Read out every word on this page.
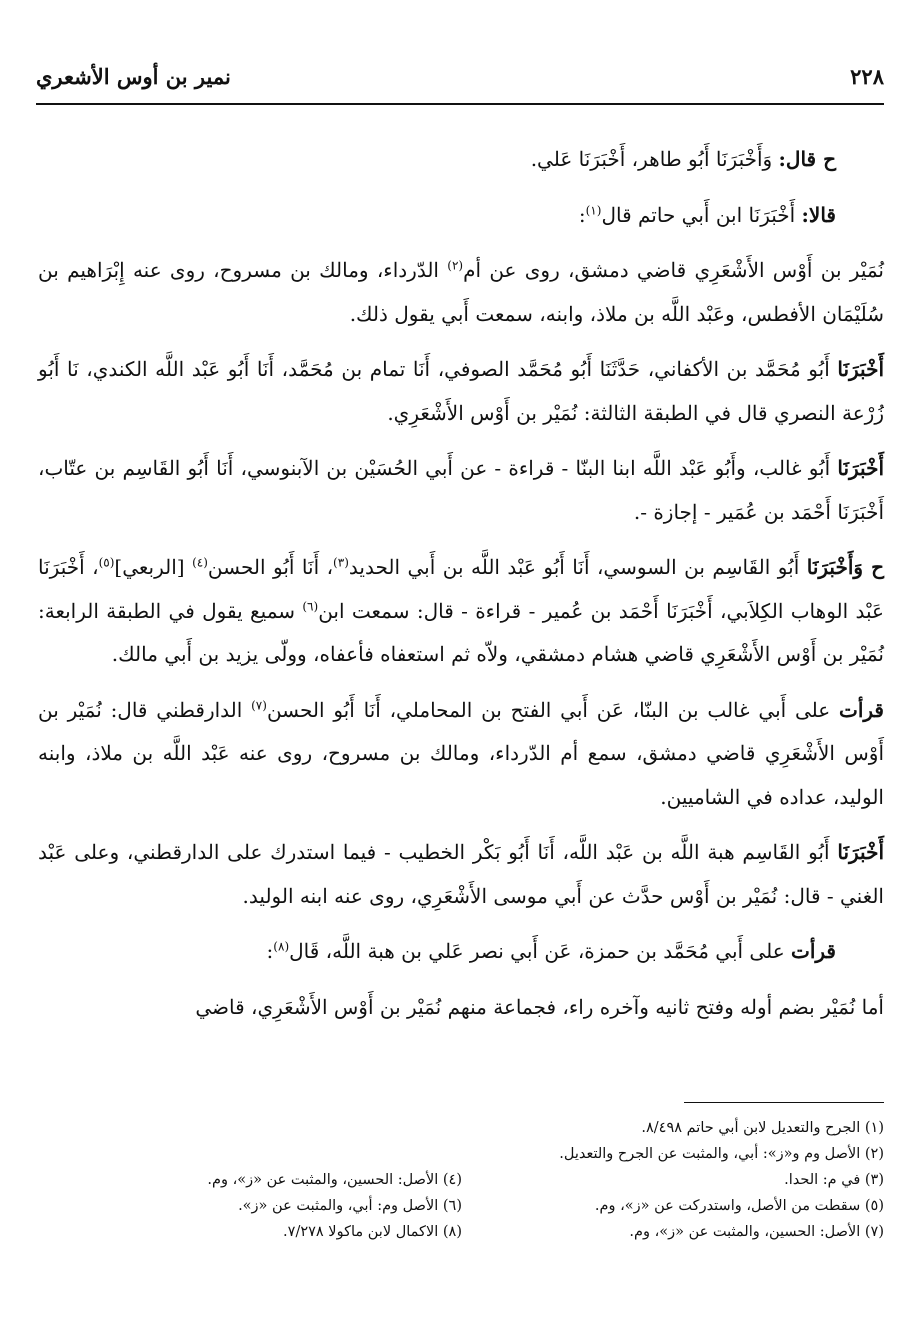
٢٢٨
نمير بن أوس الأشعري

ح قال: وَأَخْبَرَنَا أَبُو طاهر، أَخْبَرَنَا عَلي.

قالا: أَخْبَرَنَا ابن أَبي حاتم قال$^{(١)}$:

نُمَيْر بن أَوْس الأَشْعَرِي قاضي دمشق، روى عن أم$^{(٢)}$ الدّرداء، ومالك بن مسروح، روى عنه إِبْرَاهيم بن سُلَيْمَان الأفطس، وعَبْد اللَّه بن ملاذ، وابنه، سمعت أَبي يقول ذلك.

أَخْبَرَنَا أَبُو مُحَمَّد بن الأكفاني، حَدَّثَنَا أَبُو مُحَمَّد الصوفي، أَنَا تمام بن مُحَمَّد، أَنَا أَبُو عَبْد اللَّه الكندي، نَا أَبُو زُرْعة النصري قال في الطبقة الثالثة: نُمَيْر بن أَوْس الأَشْعَرِي.

أَخْبَرَنَا أَبُو غالب، وأَبُو عَبْد اللَّه ابنا البنّا - قراءة - عن أَبي الحُسَيْن بن الآبنوسي، أَنَا أَبُو القَاسِم بن عتّاب، أَخْبَرَنَا أَحْمَد بن عُمَير - إجازة -.

ح وَأَخْبَرَنَا أَبُو القَاسِم بن السوسي، أَنَا أَبُو عَبْد اللَّه بن أَبي الحديد$^{(٣)}$، أَنَا أَبُو الحسن$^{(٤)}$ [الربعي]$^{(٥)}$، أَخْبَرَنَا عَبْد الوهاب الكِلاَبي، أَخْبَرَنَا أَحْمَد بن عُمير - قراءة - قال: سمعت ابن$^{(٦)}$ سميع يقول في الطبقة الرابعة: نُمَيْر بن أَوْس الأَشْعَرِي قاضي هشام دمشقي، ولاّه ثم استعفاه فأعفاه، وولّى يزيد بن أَبي مالك.

قرأت على أَبي غالب بن البنّا، عَن أَبي الفتح بن المحاملي، أَنَا أَبُو الحسن$^{(٧)}$ الدارقطني قال: نُمَيْر بن أَوْس الأَشْعَرِي قاضي دمشق، سمع أم الدّرداء، ومالك بن مسروح، روى عنه عَبْد اللَّه بن ملاذ، وابنه الوليد، عداده في الشاميين.

أَخْبَرَنَا أَبُو القَاسِم هبة اللَّه بن عَبْد اللَّه، أَنَا أَبُو بَكْر الخطيب - فيما استدرك على الدارقطني، وعلى عَبْد الغني - قال: نُمَيْر بن أَوْس حدَّث عن أَبي موسى الأَشْعَرِي، روى عنه ابنه الوليد.

قرأت على أَبي مُحَمَّد بن حمزة، عَن أَبي نصر عَلي بن هبة اللَّه، قَال$^{(٨)}$:

أما نُمَيْر بضم أوله وفتح ثانيه وآخره راء، فجماعة منهم نُمَيْر بن أَوْس الأَشْعَرِي، قاضي

(١) الجرح والتعديل لابن أبي حاتم ٨/٤٩٨.
(٢) الأصل وم و«ز»: أبي، والمثبت عن الجرح والتعديل.
(٣) في م: الحدا.
(٤) الأصل: الحسين، والمثبت عن «ز»، وم.
(٥) سقطت من الأصل، واستدركت عن «ز»، وم.
(٦) الأصل وم: أبي، والمثبت عن «ز».
(٧) الأصل: الحسين، والمثبت عن «ز»، وم.
(٨) الاكمال لابن ماكولا ٧/٢٧٨.
